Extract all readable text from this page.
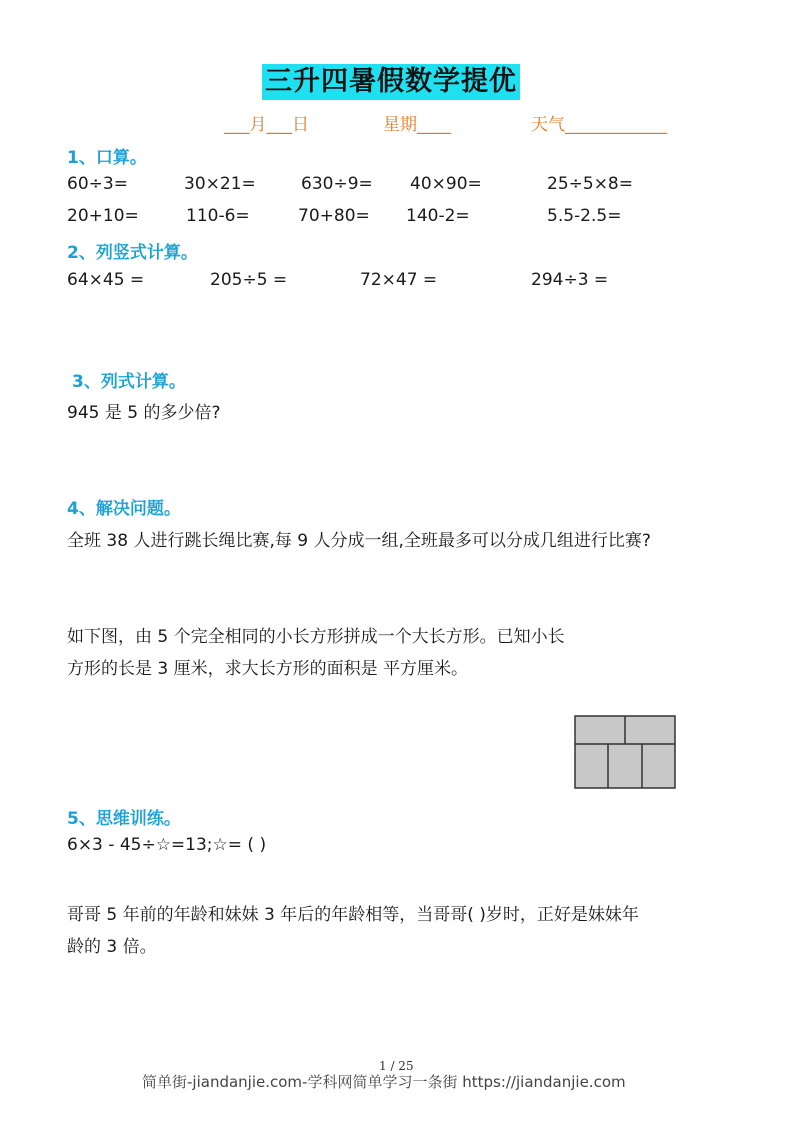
三升四暑假数学提优
___月___日	星期____	天气____________
1、口算。
60÷3=	30×21=	630÷9= 40×90=	25÷5×8=
20+10=	110-6=	70+80= 140-2=	5.5-2.5=
2、列竖式计算。
64×45 =	205÷5 =	72×47 =	294÷3 =
3、列式计算。
945 是 5 的多少倍?
4、解决问题。
全班 38 人进行跳长绳比赛,每 9 人分成一组,全班最多可以分成几组进行比赛?
如下图，由 5 个完全相同的小长方形拼成一个大长方形。已知小长
方形的长是 3 厘米，求大长方形的面积是 平方厘米。
5、思维训练。
6×3 - 45÷☆=13;☆= ( )
哥哥 5 年前的年龄和妹妹 3 年后的年龄相等，当哥哥( )岁时，正好是妹妹年
龄的 3 倍。
1 / 25
简单街-jiandanjie.com-学科网简单学习一条街 https://jiandanjie.com
